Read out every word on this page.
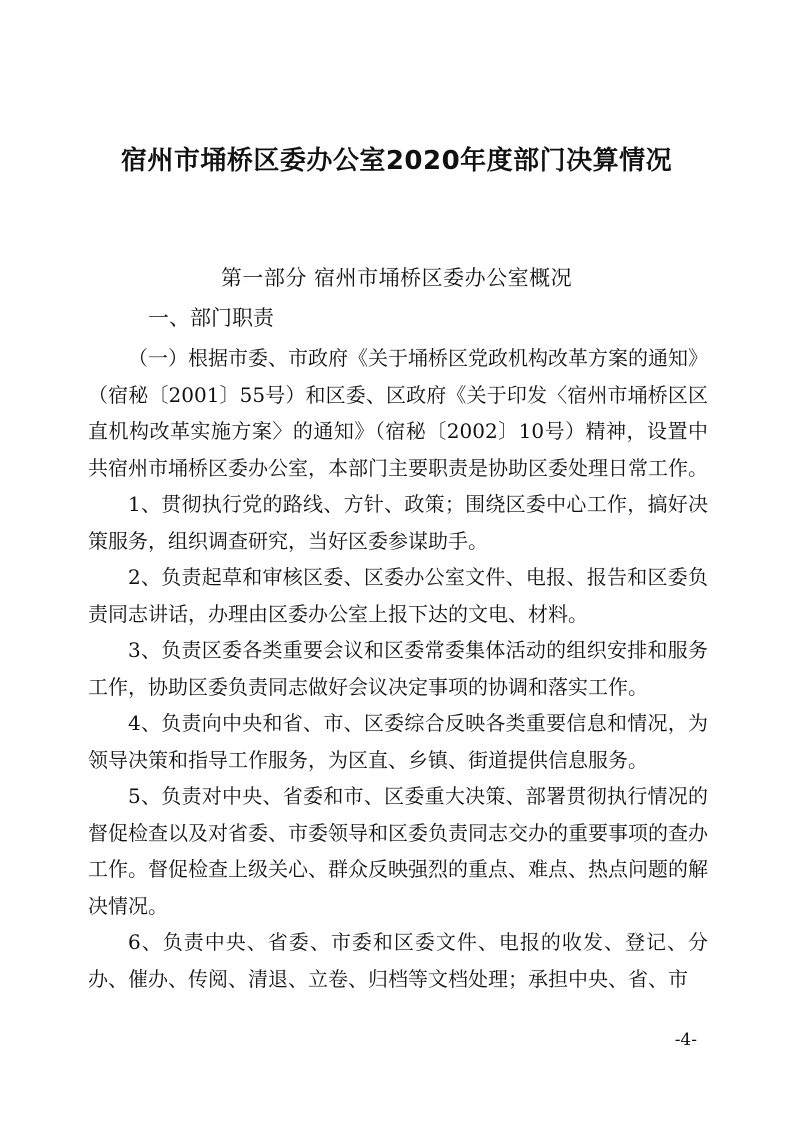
宿州市埇桥区委办公室2020年度部门决算情况
第一部分 宿州市埇桥区委办公室概况
一、部门职责

（一）根据市委、市政府《关于埇桥区党政机构改革方案的通知》（宿秘〔2001〕55号）和区委、区政府《关于印发〈宿州市埇桥区区直机构改革实施方案〉的通知》（宿秘〔2002〕10号）精神，设置中共宿州市埇桥区委办公室，本部门主要职责是协助区委处理日常工作。

1、贯彻执行党的路线、方针、政策；围绕区委中心工作，搞好决策服务，组织调查研究，当好区委参谋助手。

2、负责起草和审核区委、区委办公室文件、电报、报告和区委负责同志讲话，办理由区委办公室上报下达的文电、材料。

3、负责区委各类重要会议和区委常委集体活动的组织安排和服务工作，协助区委负责同志做好会议决定事项的协调和落实工作。

4、负责向中央和省、市、区委综合反映各类重要信息和情况，为领导决策和指导工作服务，为区直、乡镇、街道提供信息服务。

5、负责对中央、省委和市、区委重大决策、部署贯彻执行情况的督促检查以及对省委、市委领导和区委负责同志交办的重要事项的查办工作。督促检查上级关心、群众反映强烈的重点、难点、热点问题的解决情况。

6、负责中央、省委、市委和区委文件、电报的收发、登记、分办、催办、传阅、清退、立卷、归档等文档处理；承担中央、省、市

-4-
